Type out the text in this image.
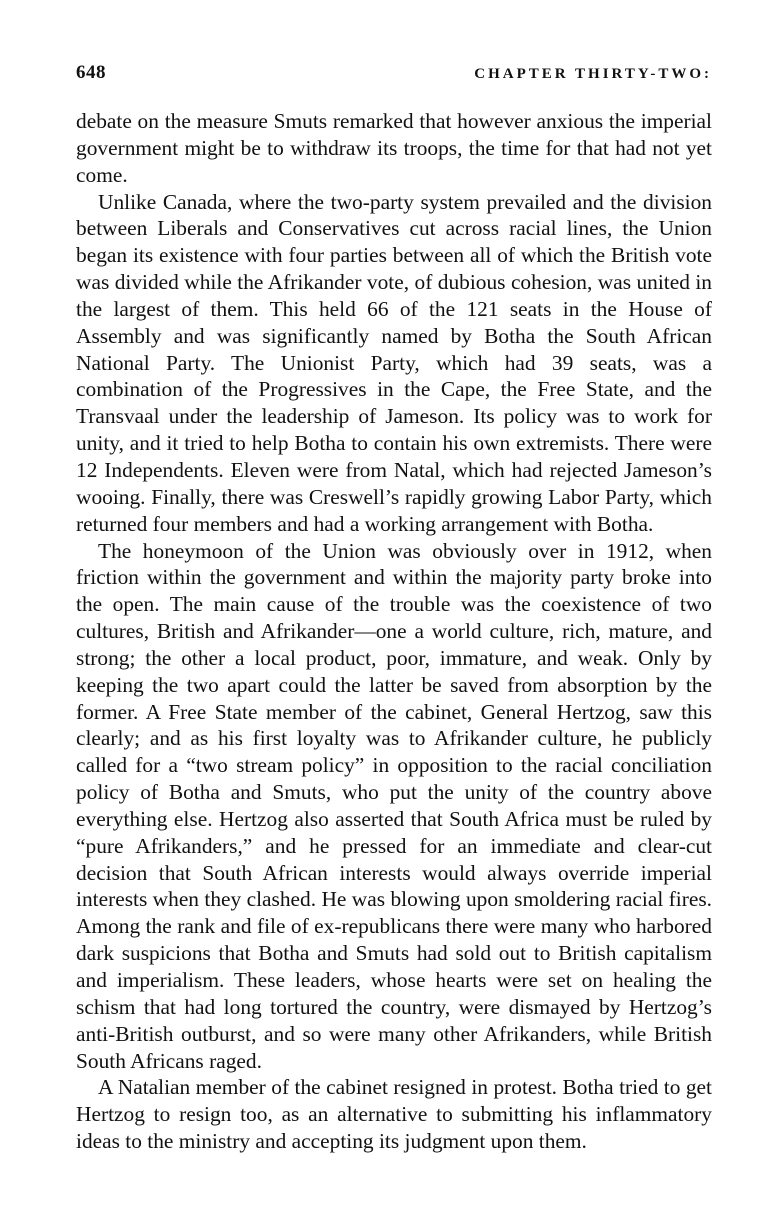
648	CHAPTER THIRTY-TWO:

debate on the measure Smuts remarked that however anxious the imperial government might be to withdraw its troops, the time for that had not yet come.

Unlike Canada, where the two-party system prevailed and the division between Liberals and Conservatives cut across racial lines, the Union began its existence with four parties between all of which the British vote was divided while the Afrikander vote, of dubious cohesion, was united in the largest of them. This held 66 of the 121 seats in the House of Assembly and was significantly named by Botha the South African National Party. The Unionist Party, which had 39 seats, was a combination of the Progressives in the Cape, the Free State, and the Transvaal under the leadership of Jameson. Its policy was to work for unity, and it tried to help Botha to contain his own extremists. There were 12 Independents. Eleven were from Natal, which had rejected Jameson’s wooing. Finally, there was Creswell’s rapidly growing Labor Party, which returned four members and had a working arrangement with Botha.

The honeymoon of the Union was obviously over in 1912, when friction within the government and within the majority party broke into the open. The main cause of the trouble was the coexistence of two cultures, British and Afrikander—one a world culture, rich, mature, and strong; the other a local product, poor, immature, and weak. Only by keeping the two apart could the latter be saved from absorption by the former. A Free State member of the cabinet, General Hertzog, saw this clearly; and as his first loyalty was to Afrikander culture, he publicly called for a “two stream policy” in opposition to the racial conciliation policy of Botha and Smuts, who put the unity of the country above everything else. Hertzog also asserted that South Africa must be ruled by “pure Afrikanders,” and he pressed for an immediate and clear-cut decision that South African interests would always override imperial interests when they clashed. He was blowing upon smoldering racial fires. Among the rank and file of ex-republicans there were many who harbored dark suspicions that Botha and Smuts had sold out to British capitalism and imperialism. These leaders, whose hearts were set on healing the schism that had long tortured the country, were dismayed by Hertzog’s anti-British outburst, and so were many other Afrikanders, while British South Africans raged.

A Natalian member of the cabinet resigned in protest. Botha tried to get Hertzog to resign too, as an alternative to submitting his inflammatory ideas to the ministry and accepting its judgment upon them.
